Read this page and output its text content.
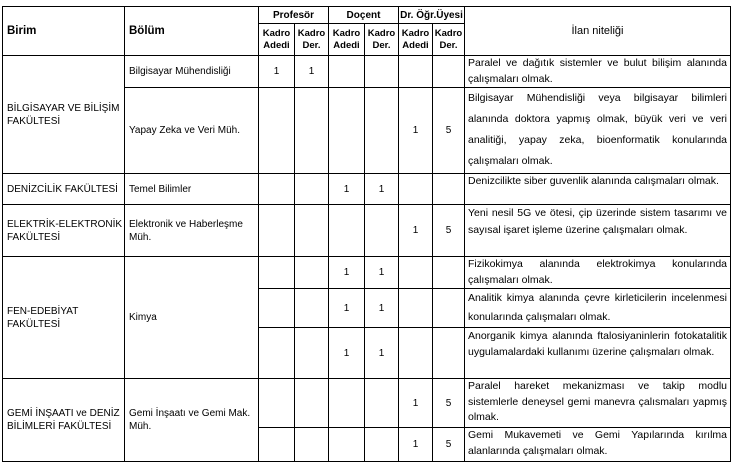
Birim	Bölüm	Profesör		Doçent		Dr. Öğr.Üyesi		İlan niteliği
		Kadro Adedi	Kadro Der.	Kadro Adedi	Kadro Der.	Kadro Adedi	Kadro Der.	
BİLGİSAYAR VE BİLİŞİM FAKÜLTESİ	Bilgisayar Mühendisliği	1	1					Paralel ve dağıtık sistemler ve bulut bilişim alanında çalışmaları olmak.
	Yapay Zeka ve Veri Müh.					1	5	Bilgisayar Mühendisliği veya bilgisayar bilimleri alanında doktora yapmış olmak, büyük veri ve veri analitiği, yapay zeka, bioenformatik konularında çalışmaları olmak.
DENİZCİLİK FAKÜLTESİ	Temel Bilimler			1	1			Denizcilikte siber guvenlik alanında calışmaları olmak.
ELEKTRİK-ELEKTRONİK FAKÜLTESİ	Elektronik ve Haberleşme Müh.					1	5	Yeni nesil 5G ve ötesi, çip üzerinde sistem tasarımı ve sayısal işaret işleme üzerine çalışmaları olmak.
FEN-EDEBİYAT FAKÜLTESİ	Kimya			1	1			Fizikokimya alanında elektrokimya konularında çalışmaları olmak.
				1	1			Analitik kimya alanında çevre kirleticilerin incelenmesi konularında çalışmaları olmak.
				1	1			Anorganik kimya alanında ftalosiyaninlerin fotokatalitik uygulamalardaki kullanımı üzerine çalışmaları olmak.
GEMİ İNŞAATI ve DENİZ BİLİMLERİ FAKÜLTESİ	Gemi İnşaatı ve Gemi Mak. Müh.					1	5	Paralel hareket mekanizması ve takip modlu sistemlerle deneysel gemi manevra çalısmaları yapmış olmak.
						1	5	Gemi Mukavemeti ve Gemi Yapılarında kırılma alanlarında çalışmaları olmak.
